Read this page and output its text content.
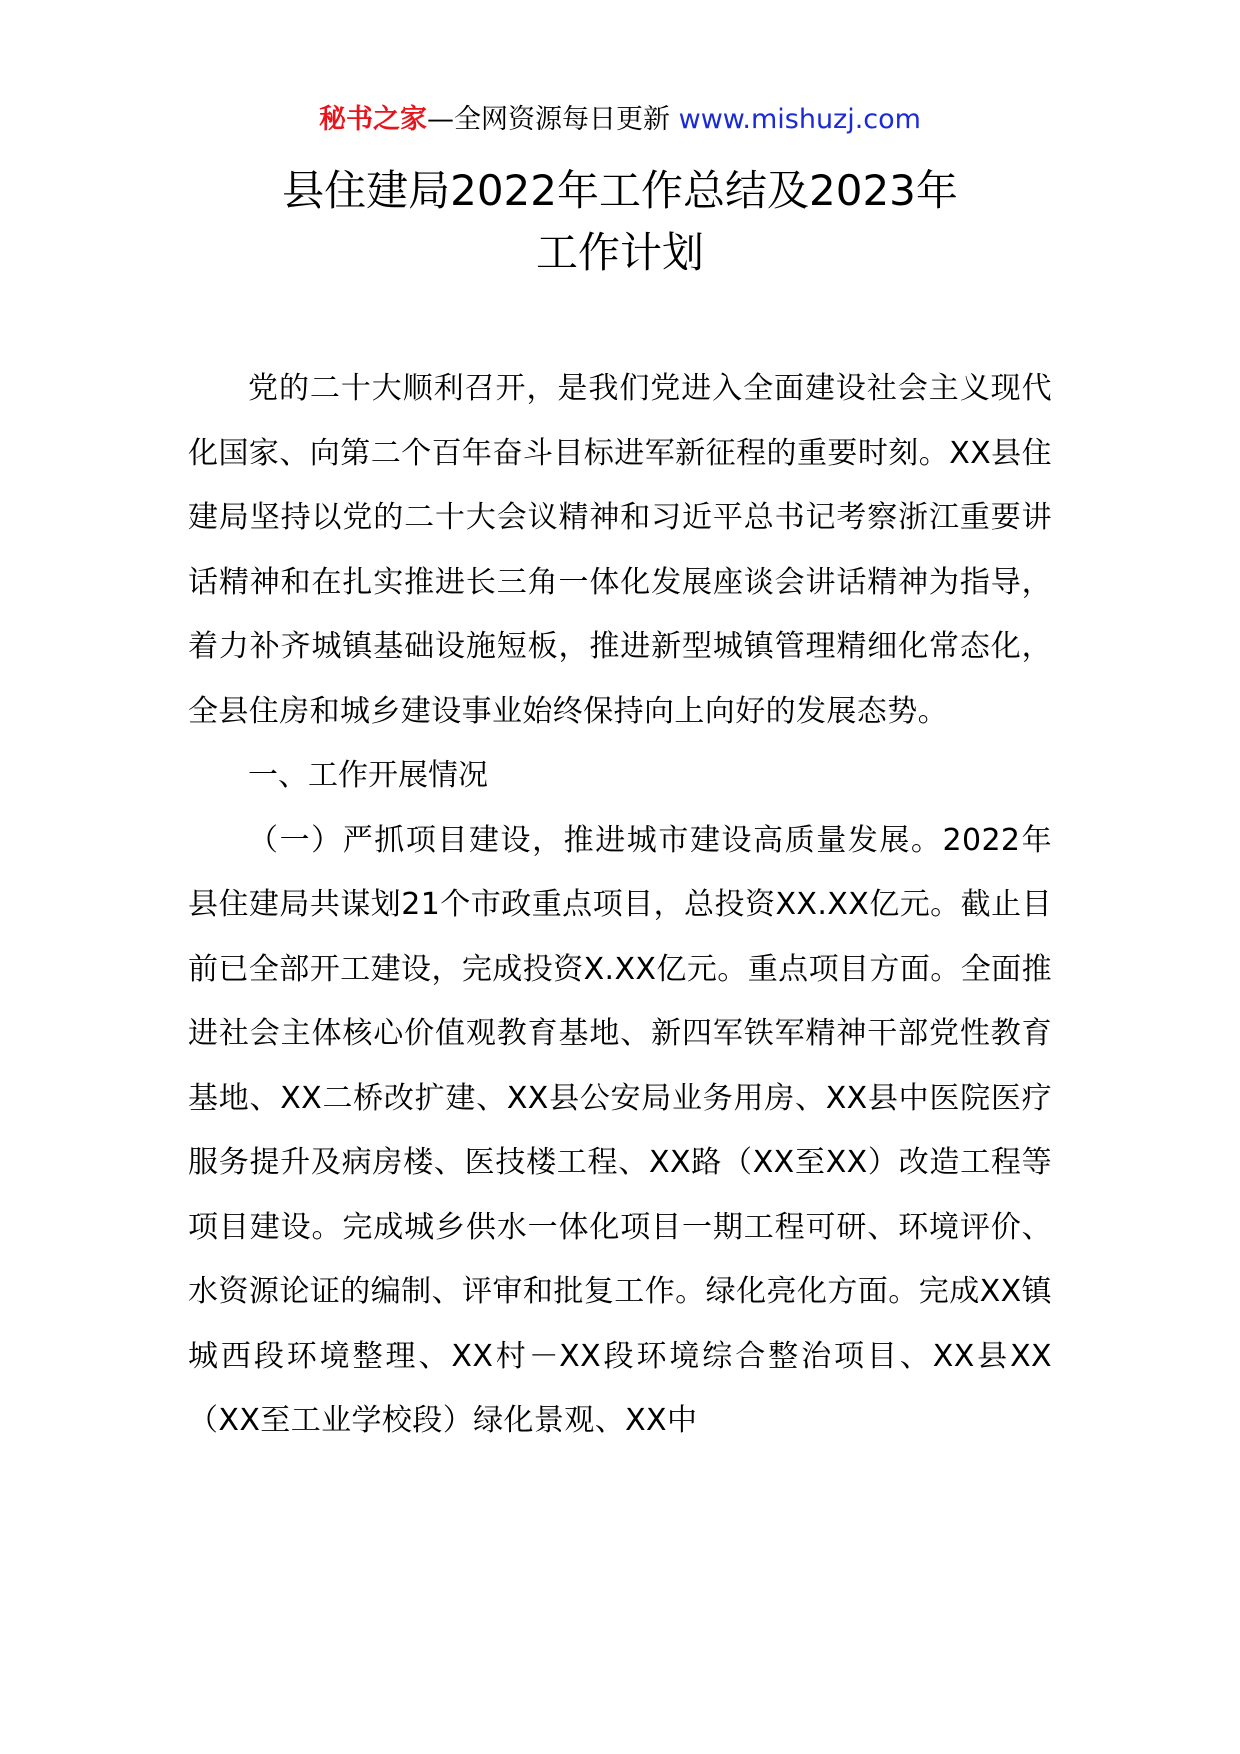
秘书之家—全网资源每日更新 www.mishuzj.com
县住建局2022年工作总结及2023年
工作计划

党的二十大顺利召开，是我们党进入全面建设社会主义现代化国家、向第二个百年奋斗目标进军新征程的重要时刻。XX县住建局坚持以党的二十大会议精神和习近平总书记考察浙江重要讲话精神和在扎实推进长三角一体化发展座谈会讲话精神为指导，着力补齐城镇基础设施短板，推进新型城镇管理精细化常态化，全县住房和城乡建设事业始终保持向上向好的发展态势。

一、工作开展情况

（一）严抓项目建设，推进城市建设高质量发展。2022年县住建局共谋划21个市政重点项目，总投资XX.XX亿元。截止目前已全部开工建设，完成投资X.XX亿元。重点项目方面。全面推进社会主体核心价值观教育基地、新四军铁军精神干部党性教育基地、XX二桥改扩建、XX县公安局业务用房、XX县中医院医疗服务提升及病房楼、医技楼工程、XX路（XX至XX）改造工程等项目建设。完成城乡供水一体化项目一期工程可研、环境评价、水资源论证的编制、评审和批复工作。绿化亮化方面。完成XX镇城西段环境整理、XX村－XX段环境综合整治项目、XX县XX（XX至工业学校段）绿化景观、XX中
